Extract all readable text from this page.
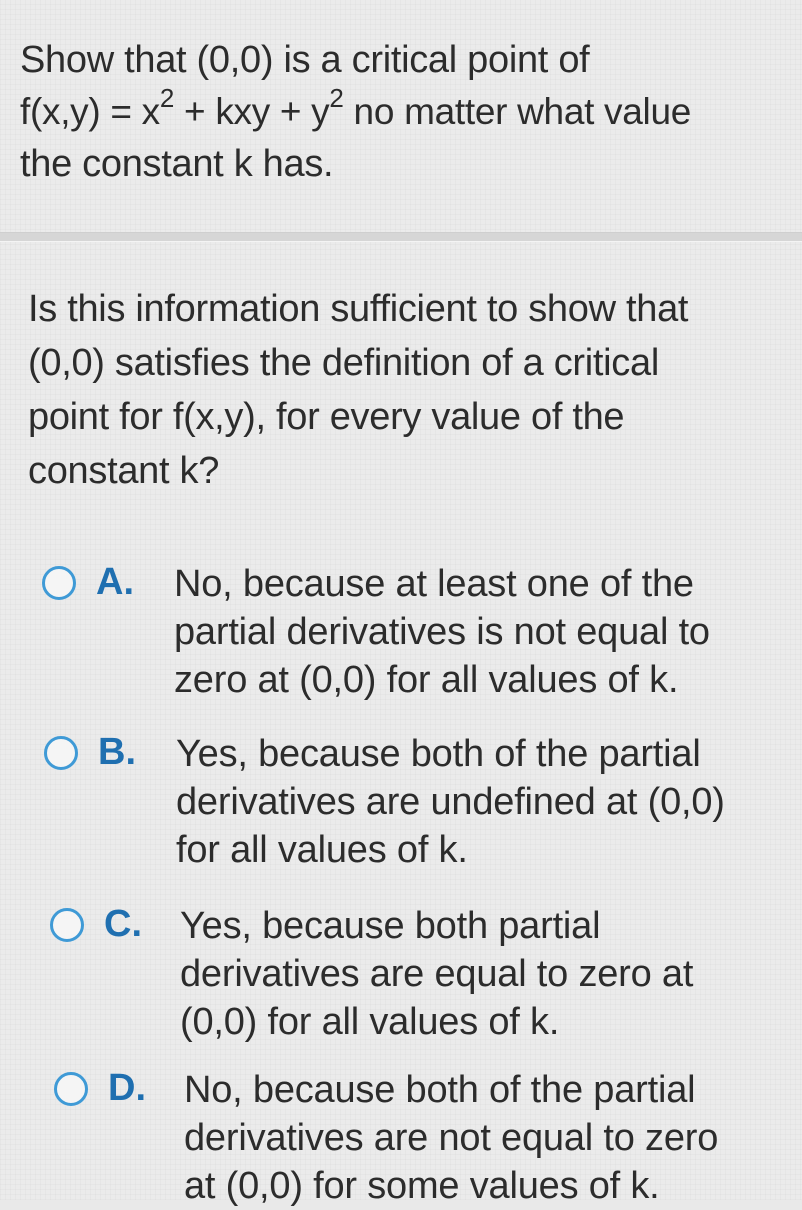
Show that (0,0) is a critical point of
$f(x,y) = x^2$ + kxy + $y^2$ no matter what value
the constant k has.
Is this information sufficient to show that
(0,0) satisfies the definition of a critical
point for f(x,y), for every value of the
constant k?
A. No, because at least one of the
partial derivatives is not equal to
zero at (0,0) for all values of k.
B. Yes, because both of the partial
derivatives are undefined at (0,0)
for all values of k.
C. Yes, because both partial
derivatives are equal to zero at
(0,0) for all values of k.
D. No, because both of the partial
derivatives are not equal to zero
at (0,0) for some values of k.
